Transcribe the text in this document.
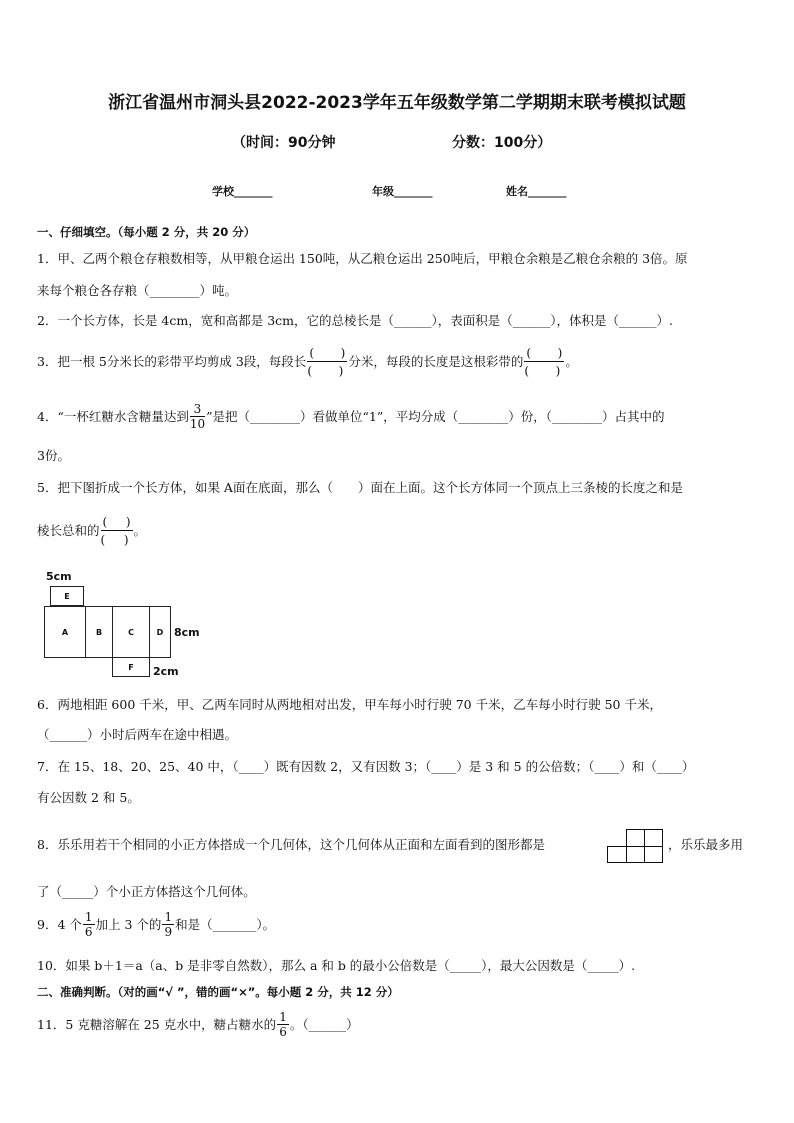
浙江省温州市洞头县2022-2023学年五年级数学第二学期期末联考模拟试题
（时间：90分钟	分数：100分）
学校_______	年级_______	姓名_______
一、仔细填空。（每小题 2 分，共 20 分）
1．甲、乙两个粮仓存粮数相等，从甲粮仓运出 150吨，从乙粮仓运出 250吨后，甲粮仓余粮是乙粮仓余粮的 3倍。原
来每个粮仓各存粮（________）吨。
2．一个长方体，长是 4cm，宽和高都是 3cm，它的总棱长是（______），表面积是（______），体积是（______）.
3．把一根 5分米长的彩带平均剪成 3段，每段长 $\frac{( )}{( )}$ 分米，每段的长度是这根彩带的 $\frac{( )}{( )}$ 。
4．“一杯红糖水含糖量达到 $\frac{3}{10}$ ”是把（________）看做单位“1”，平均分成（________）份，（________）占其中的
3份。
5．把下图折成一个长方体，如果 A面在底面，那么（　　）面在上面。这个长方体同一个顶点上三条棱的长度之和是
棱长总和的 $\frac{( )}{( )}$ 。
5cm
E
A	B	C	D 8cm
F	2cm
6．两地相距 600 千米，甲、乙两车同时从两地相对出发，甲车每小时行驶 70 千米，乙车每小时行驶 50 千米，
（______）小时后两车在途中相遇。
7．在 15、18、20、25、40 中，（____）既有因数 2，又有因数 3；（____）是 3 和 5 的公倍数；（____）和（____）
有公因数 2 和 5。
8．乐乐用若干个相同的小正方体搭成一个几何体，这个几何体从正面和左面看到的图形都是	，乐乐最多用
了（_____）个小正方体搭这个几何体。
9．4 个 $\frac{1}{6}$ 加上 3 个的 $\frac{1}{9}$ 和是（_______）。
10．如果 b＋1＝a（a、b 是非零自然数），那么 a 和 b 的最小公倍数是（_____），最大公因数是（_____）.
二、准确判断。（对的画“√ ”，错的画“×”。每小题 2 分，共 12 分）
11．5 克糖溶解在 25 克水中，糖占糖水的 $\frac{1}{6}$ 。（______）
